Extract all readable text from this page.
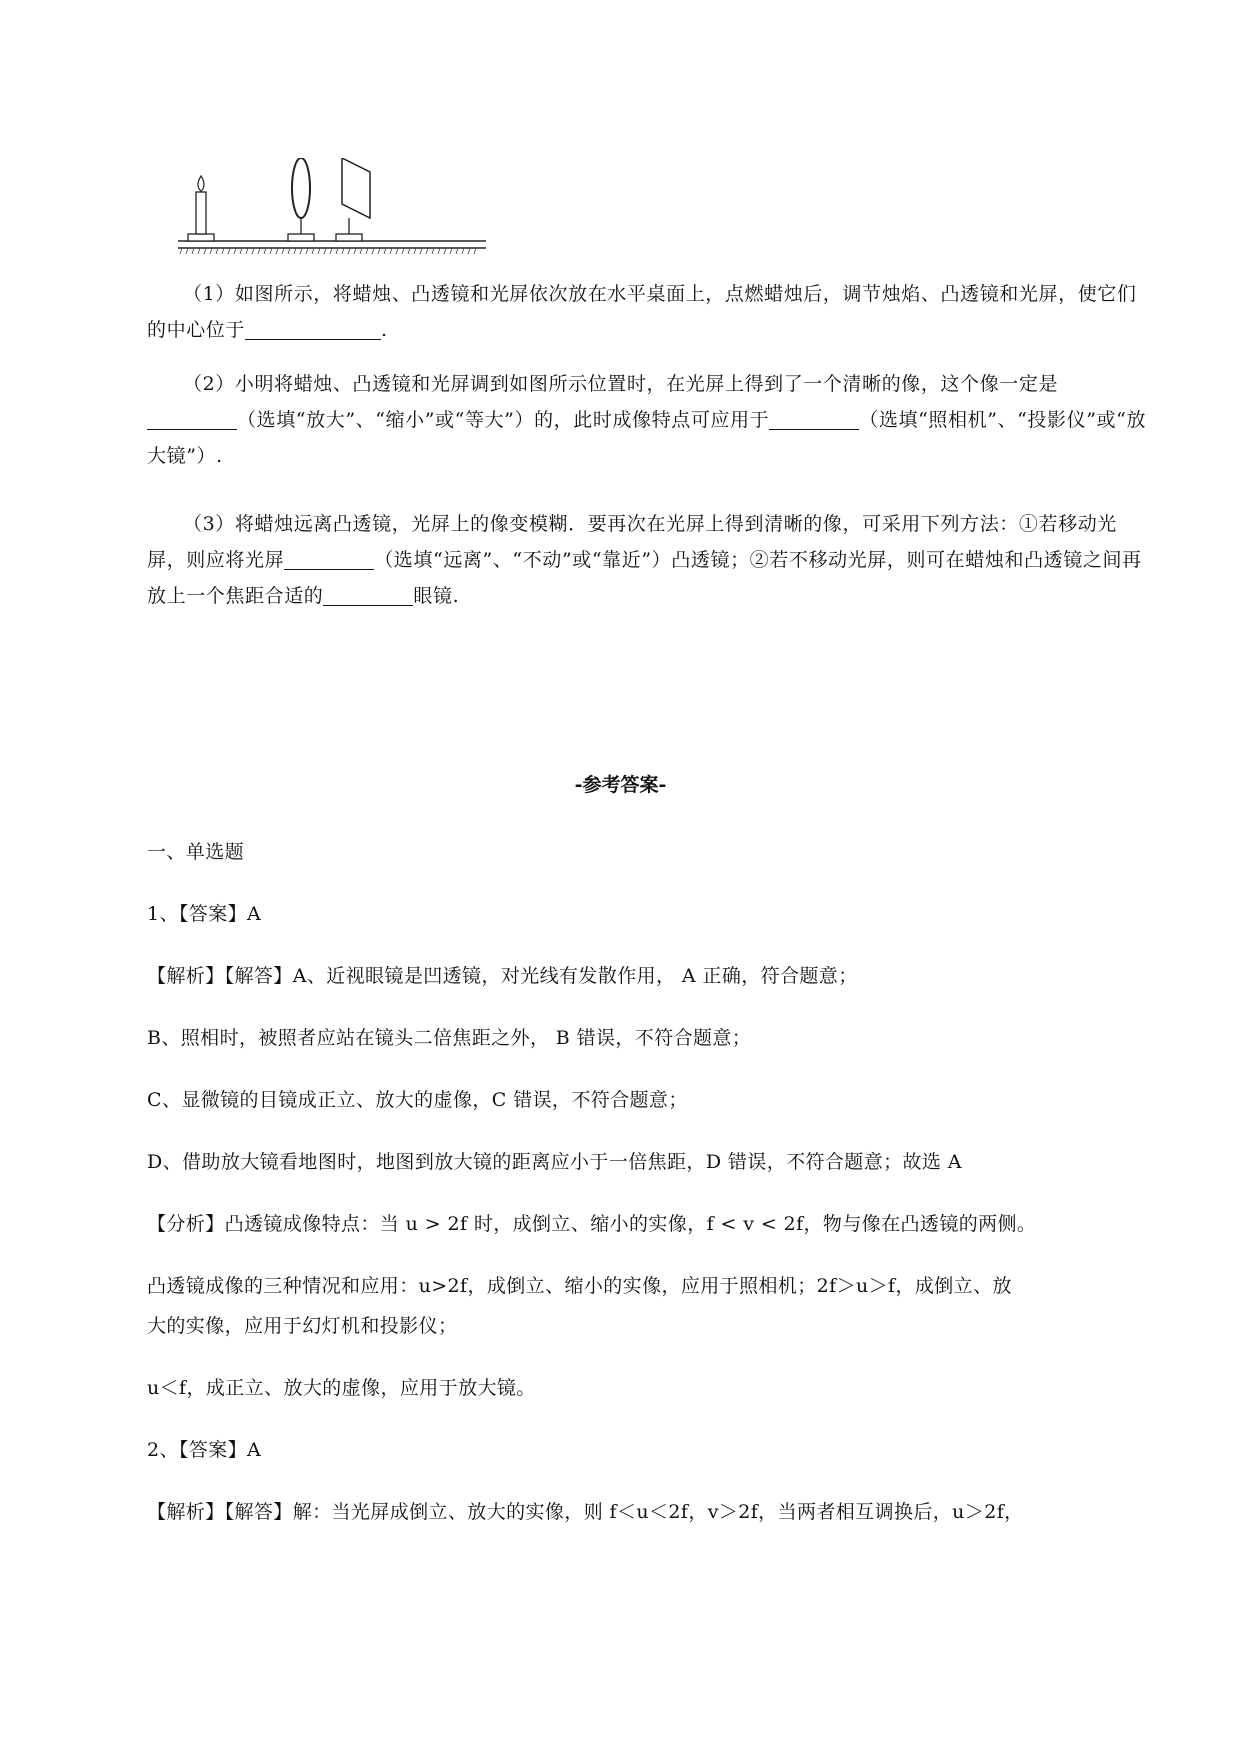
（1）如图所示，将蜡烛、凸透镜和光屏依次放在水平桌面上，点燃蜡烛后，调节烛焰、凸透镜和光屏，使它们的中心位于	.
（2）小明将蜡烛、凸透镜和光屏调到如图所示位置时，在光屏上得到了一个清晰的像，这个像一定是（选填“放大”、“缩小”或“等大”）的，此时成像特点可应用于	（选填“照相机”、“投影仪”或“放大镜”）.
（3）将蜡烛远离凸透镜，光屏上的像变模糊．要再次在光屏上得到清晰的像，可采用下列方法：①若移动光屏，则应将光屏	（选填“远离”、“不动”或“靠近”）凸透镜；②若不移动光屏，则可在蜡烛和凸透镜之间再放上一个焦距合适的	眼镜.
-参考答案-
一、单选题
1、【答案】A
【解析】【解答】A、近视眼镜是凹透镜，对光线有发散作用， A 正确，符合题意；
B、照相时，被照者应站在镜头二倍焦距之外， B 错误，不符合题意；
C、显微镜的目镜成正立、放大的虚像，C 错误，不符合题意；
D、借助放大镜看地图时，地图到放大镜的距离应小于一倍焦距，D 错误，不符合题意；故选 A
【分析】凸透镜成像特点：当 u > 2f 时，成倒立、缩小的实像，f < v < 2f，物与像在凸透镜的两侧。
凸透镜成像的三种情况和应用：u>2f，成倒立、缩小的实像，应用于照相机；2f＞u＞f，成倒立、放
大的实像，应用于幻灯机和投影仪；
u＜f，成正立、放大的虚像，应用于放大镜。
2、【答案】A
【解析】【解答】解：当光屏成倒立、放大的实像，则 f＜u＜2f，v＞2f，当两者相互调换后，u＞2f，
